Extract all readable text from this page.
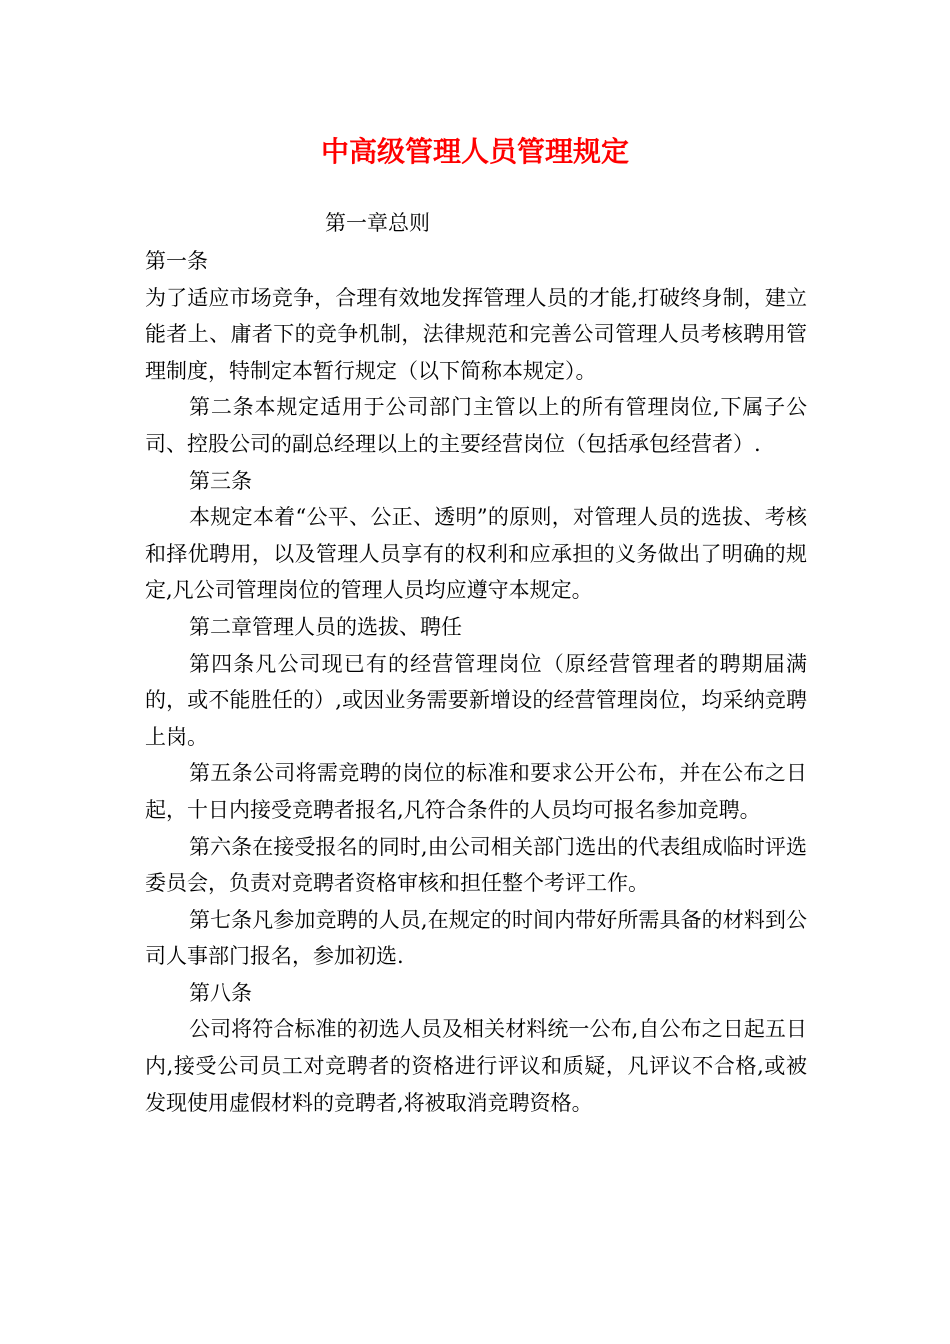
中高级管理人员管理规定
第一章总则

第一条

为了适应市场竞争，合理有效地发挥管理人员的才能,打破终身制，建立能者上、庸者下的竞争机制，法律规范和完善公司管理人员考核聘用管理制度，特制定本暂行规定（以下简称本规定）。

第二条本规定适用于公司部门主管以上的所有管理岗位,下属子公司、控股公司的副总经理以上的主要经营岗位（包括承包经营者）.

第三条

本规定本着“公平、公正、透明”的原则，对管理人员的选拔、考核和择优聘用，以及管理人员享有的权利和应承担的义务做出了明确的规定,凡公司管理岗位的管理人员均应遵守本规定。

第二章管理人员的选拔、聘任

第四条凡公司现已有的经营管理岗位（原经营管理者的聘期届满的，或不能胜任的）,或因业务需要新增设的经营管理岗位，均采纳竞聘上岗。

第五条公司将需竞聘的岗位的标准和要求公开公布，并在公布之日起，十日内接受竞聘者报名,凡符合条件的人员均可报名参加竞聘。

第六条在接受报名的同时,由公司相关部门选出的代表组成临时评选委员会，负责对竞聘者资格审核和担任整个考评工作。

第七条凡参加竞聘的人员,在规定的时间内带好所需具备的材料到公司人事部门报名，参加初选.

第八条

公司将符合标准的初选人员及相关材料统一公布,自公布之日起五日内,接受公司员工对竞聘者的资格进行评议和质疑，凡评议不合格,或被发现使用虚假材料的竞聘者,将被取消竞聘资格。
